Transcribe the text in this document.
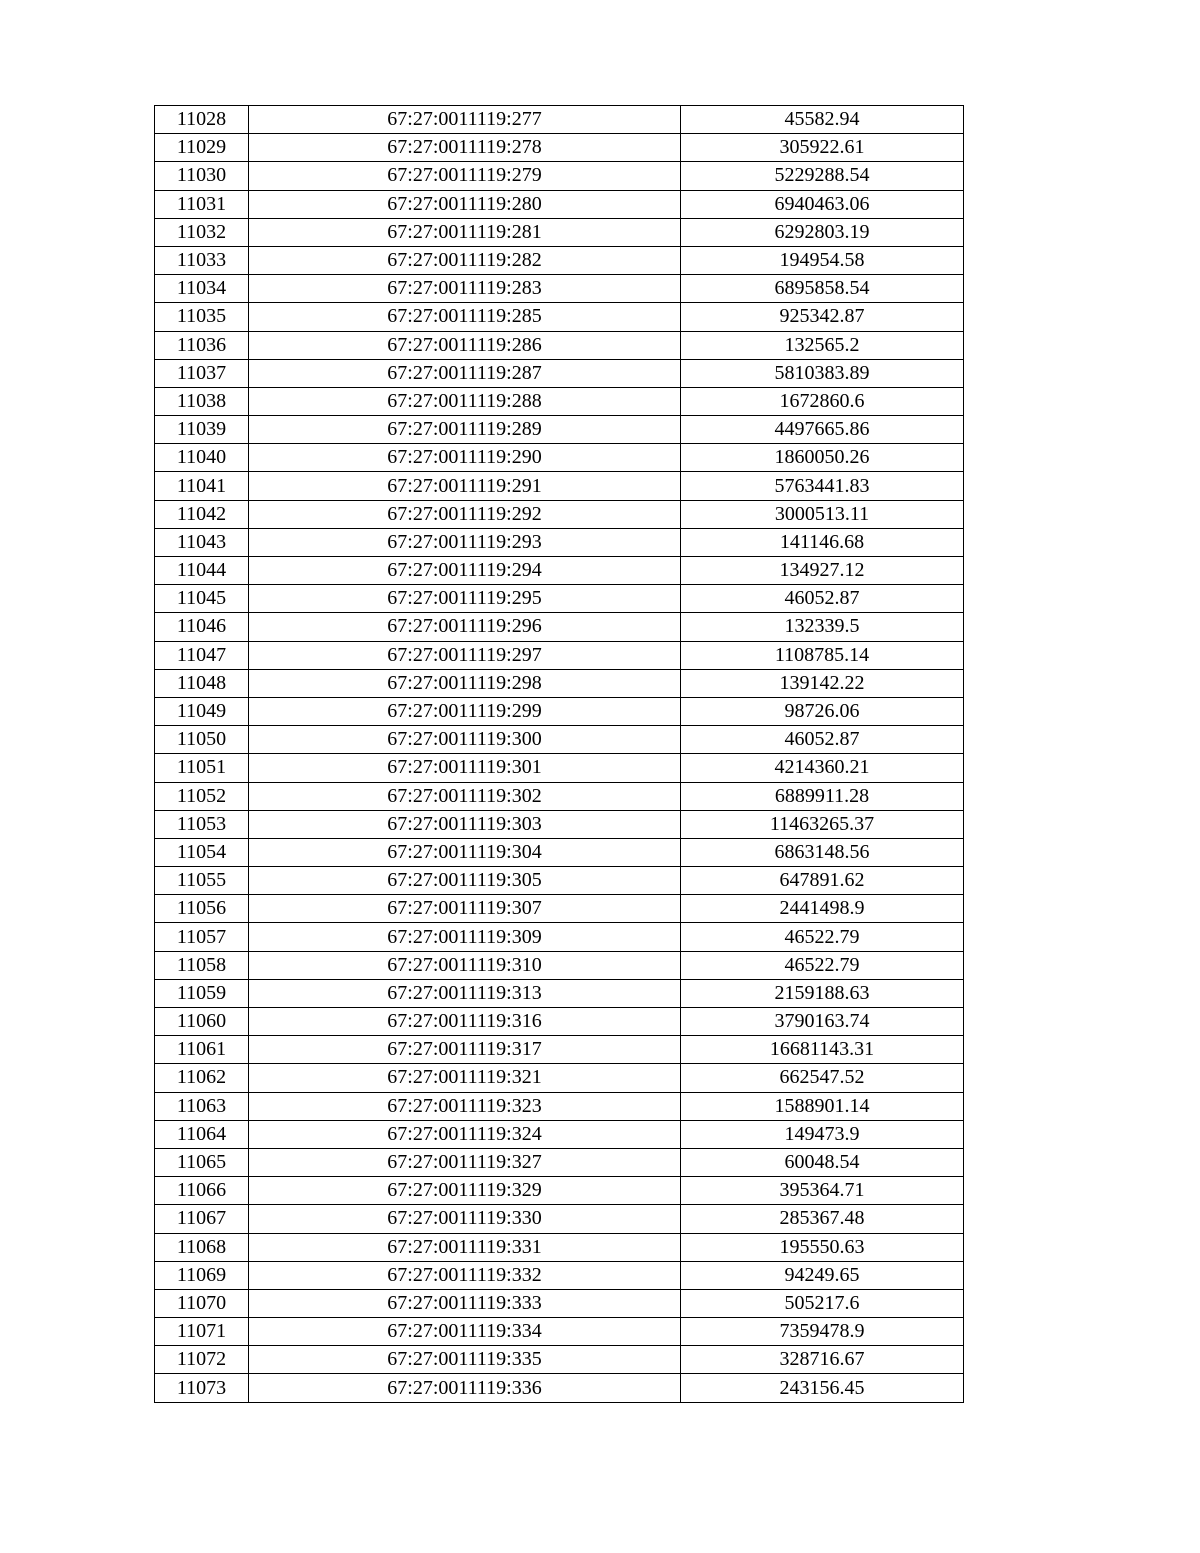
11028	67:27:0011119:277	45582.94
11029	67:27:0011119:278	305922.61
11030	67:27:0011119:279	5229288.54
11031	67:27:0011119:280	6940463.06
11032	67:27:0011119:281	6292803.19
11033	67:27:0011119:282	194954.58
11034	67:27:0011119:283	6895858.54
11035	67:27:0011119:285	925342.87
11036	67:27:0011119:286	132565.2
11037	67:27:0011119:287	5810383.89
11038	67:27:0011119:288	1672860.6
11039	67:27:0011119:289	4497665.86
11040	67:27:0011119:290	1860050.26
11041	67:27:0011119:291	5763441.83
11042	67:27:0011119:292	3000513.11
11043	67:27:0011119:293	141146.68
11044	67:27:0011119:294	134927.12
11045	67:27:0011119:295	46052.87
11046	67:27:0011119:296	132339.5
11047	67:27:0011119:297	1108785.14
11048	67:27:0011119:298	139142.22
11049	67:27:0011119:299	98726.06
11050	67:27:0011119:300	46052.87
11051	67:27:0011119:301	4214360.21
11052	67:27:0011119:302	6889911.28
11053	67:27:0011119:303	11463265.37
11054	67:27:0011119:304	6863148.56
11055	67:27:0011119:305	647891.62
11056	67:27:0011119:307	2441498.9
11057	67:27:0011119:309	46522.79
11058	67:27:0011119:310	46522.79
11059	67:27:0011119:313	2159188.63
11060	67:27:0011119:316	3790163.74
11061	67:27:0011119:317	16681143.31
11062	67:27:0011119:321	662547.52
11063	67:27:0011119:323	1588901.14
11064	67:27:0011119:324	149473.9
11065	67:27:0011119:327	60048.54
11066	67:27:0011119:329	395364.71
11067	67:27:0011119:330	285367.48
11068	67:27:0011119:331	195550.63
11069	67:27:0011119:332	94249.65
11070	67:27:0011119:333	505217.6
11071	67:27:0011119:334	7359478.9
11072	67:27:0011119:335	328716.67
11073	67:27:0011119:336	243156.45
